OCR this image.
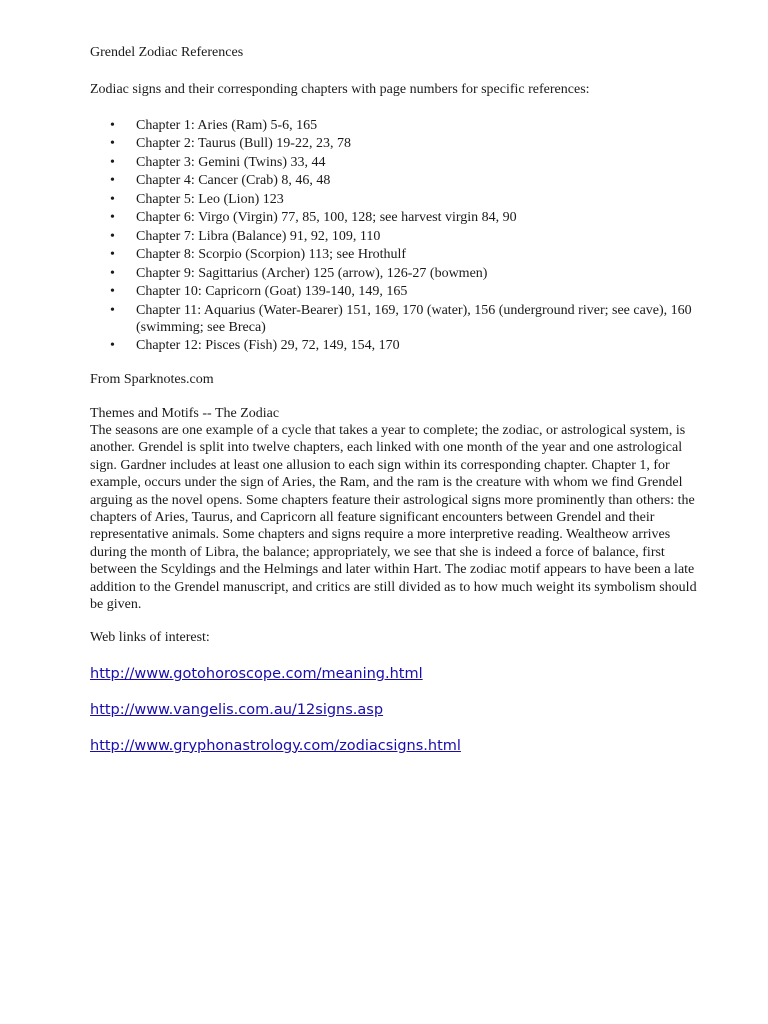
Grendel Zodiac References

Zodiac signs and their corresponding chapters with page numbers for specific references:

• Chapter 1: Aries (Ram) 5-6, 165
• Chapter 2: Taurus (Bull) 19-22, 23, 78
• Chapter 3: Gemini (Twins) 33, 44
• Chapter 4: Cancer (Crab) 8, 46, 48
• Chapter 5: Leo (Lion) 123
• Chapter 6: Virgo (Virgin) 77, 85, 100, 128; see harvest virgin 84, 90
• Chapter 7: Libra (Balance) 91, 92, 109, 110
• Chapter 8: Scorpio (Scorpion) 113; see Hrothulf
• Chapter 9: Sagittarius (Archer) 125 (arrow), 126-27 (bowmen)
• Chapter 10: Capricorn (Goat) 139-140, 149, 165
• Chapter 11: Aquarius (Water-Bearer) 151, 169, 170 (water), 156 (underground river; see cave), 160 (swimming; see Breca)
• Chapter 12: Pisces (Fish) 29, 72, 149, 154, 170

From Sparknotes.com

Themes and Motifs -- The Zodiac

The seasons are one example of a cycle that takes a year to complete; the zodiac, or astrological system, is another. Grendel is split into twelve chapters, each linked with one month of the year and one astrological sign. Gardner includes at least one allusion to each sign within its corresponding chapter. Chapter 1, for example, occurs under the sign of Aries, the Ram, and the ram is the creature with whom we find Grendel arguing as the novel opens. Some chapters feature their astrological signs more prominently than others: the chapters of Aries, Taurus, and Capricorn all feature significant encounters between Grendel and their representative animals. Some chapters and signs require a more interpretive reading. Wealtheow arrives during the month of Libra, the balance; appropriately, we see that she is indeed a force of balance, first between the Scyldings and the Helmings and later within Hart. The zodiac motif appears to have been a late addition to the Grendel manuscript, and critics are still divided as to how much weight its symbolism should be given.

Web links of interest:

http://www.gotohoroscope.com/meaning.html
http://www.vangelis.com.au/12signs.asp
http://www.gryphonastrology.com/zodiacsigns.html
